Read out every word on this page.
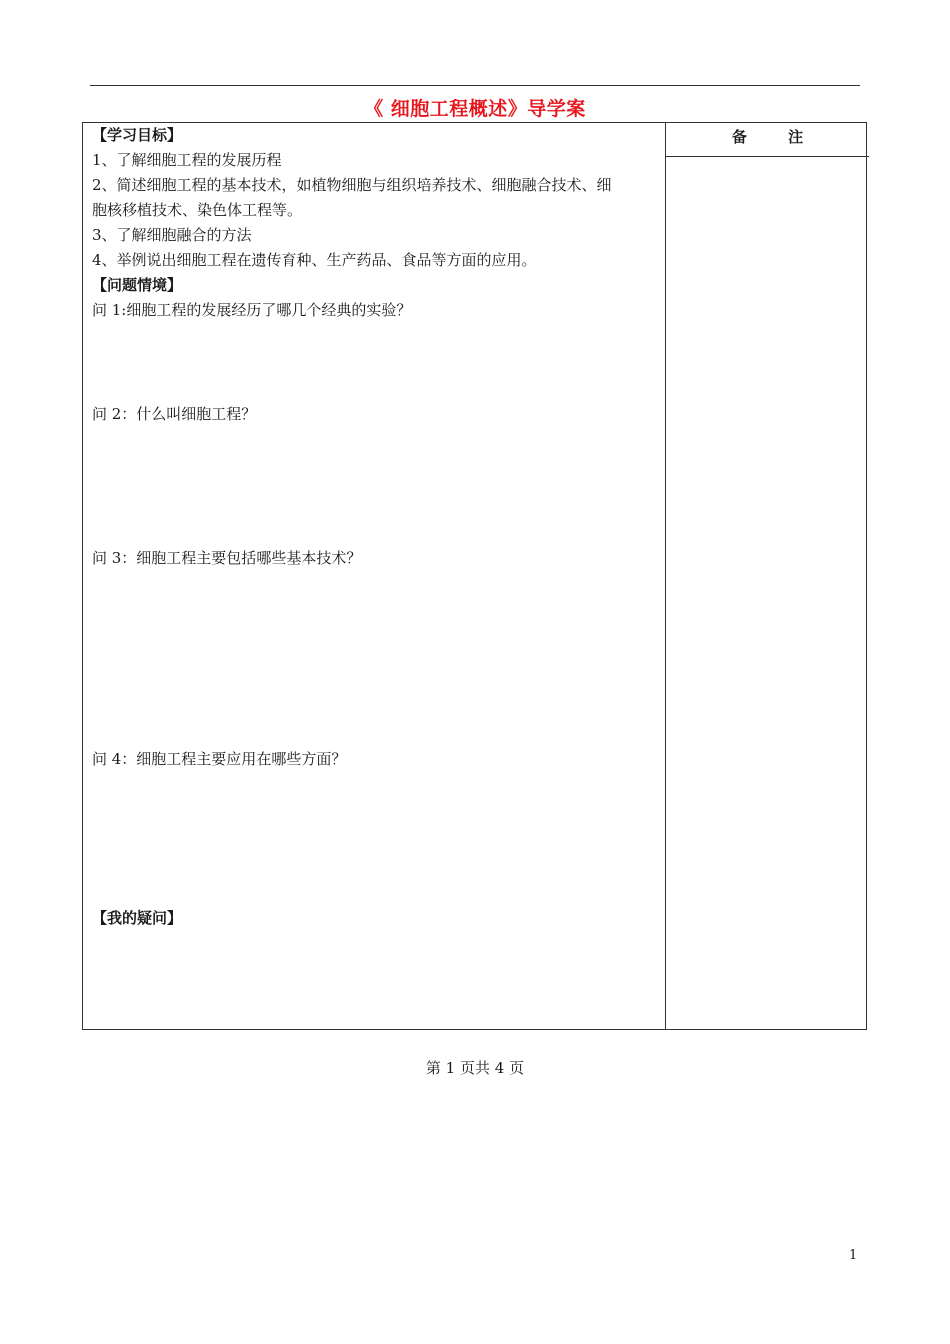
《 细胞工程概述》导学案
【学习目标】
1、了解细胞工程的发展历程
2、简述细胞工程的基本技术，如植物细胞与组织培养技术、细胞融合技术、细
胞核移植技术、染色体工程等。
3、了解细胞融合的方法
4、举例说出细胞工程在遗传育种、生产药品、食品等方面的应用。
【问题情境】
问 1:细胞工程的发展经历了哪几个经典的实验？
问 2：什么叫细胞工程？
问 3：细胞工程主要包括哪些基本技术？
问 4：细胞工程主要应用在哪些方面？
【我的疑问】
备 注
第 1 页共 4 页
1
